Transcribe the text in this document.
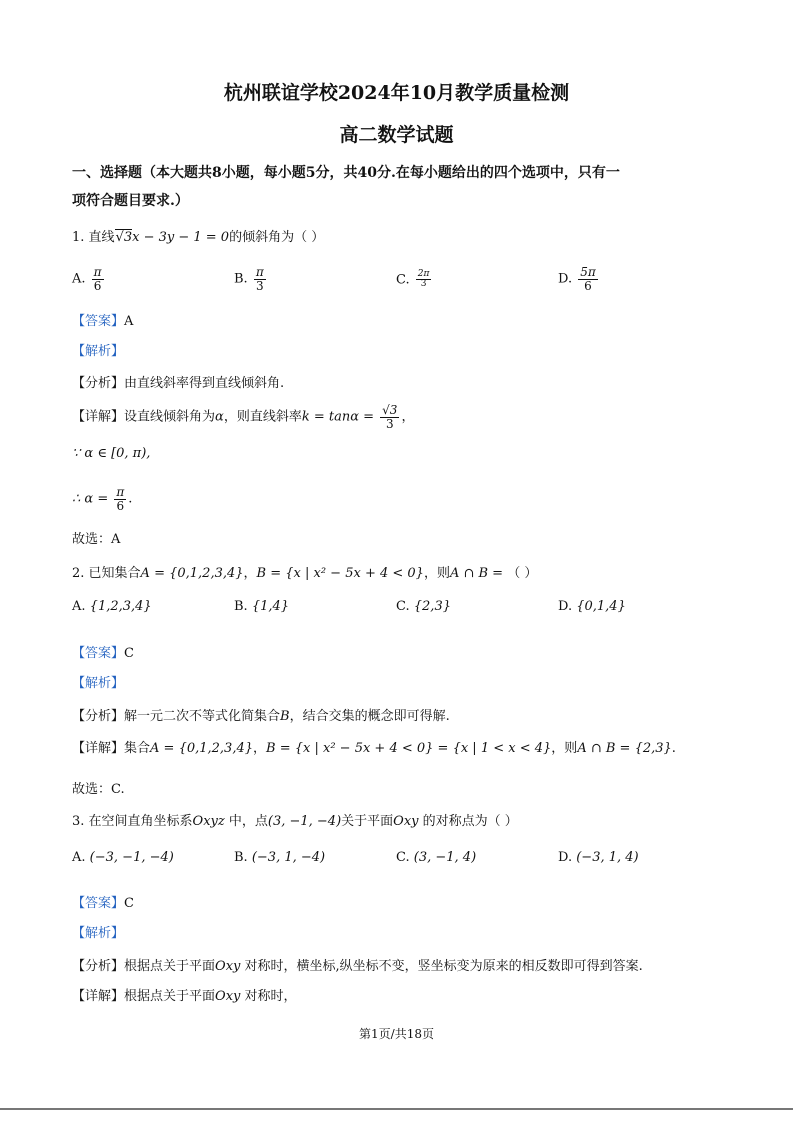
杭州联谊学校2024年10月教学质量检测
高二数学试题
一、选择题（本大题共8小题，每小题5分，共40分.在每小题给出的四个选项中，只有一
项符合题目要求.）
1. 直线√3x − 3y − 1 = 0的倾斜角为（ ）
A. $\frac{\pi}{6}$	B. $\frac{\pi}{3}$	C. $\frac{2\pi}{3}$	D. $\frac{5\pi}{6}$
【答案】A
【解析】
【分析】由直线斜率得到直线倾斜角.
【详解】设直线倾斜角为α，则直线斜率$k = \tan\alpha = \frac{√3}{3}$ ，
∵ α ∈ [0, π),
∴ $\alpha = \frac{\pi}{6}$ .
故选：A
2. 已知集合A = {0,1,2,3,4}，B = {x | x² − 5x + 4 < 0}，则A ∩ B = （ ）
A. {1,2,3,4}	B. {1,4}	C. {2,3}	D. {0,1,4}
【答案】C
【解析】
【分析】解一元二次不等式化简集合B，结合交集的概念即可得解.
【详解】集合A = {0,1,2,3,4}，B = {x | x² − 5x + 4 < 0} = {x | 1 < x < 4}，则A ∩ B = {2,3}.
故选：C.
3. 在空间直角坐标系Oxyz 中，点(3, −1, −4)关于平面Oxy 的对称点为（ ）
A. (−3, −1, −4)	B. (−3, 1, −4)	C. (3, −1, 4)	D. (−3, 1, 4)
【答案】C
【解析】
【分析】根据点关于平面Oxy 对称时，横坐标,纵坐标不变，竖坐标变为原来的相反数即可得到答案.
【详解】根据点关于平面Oxy 对称时，
第1页/共18页
